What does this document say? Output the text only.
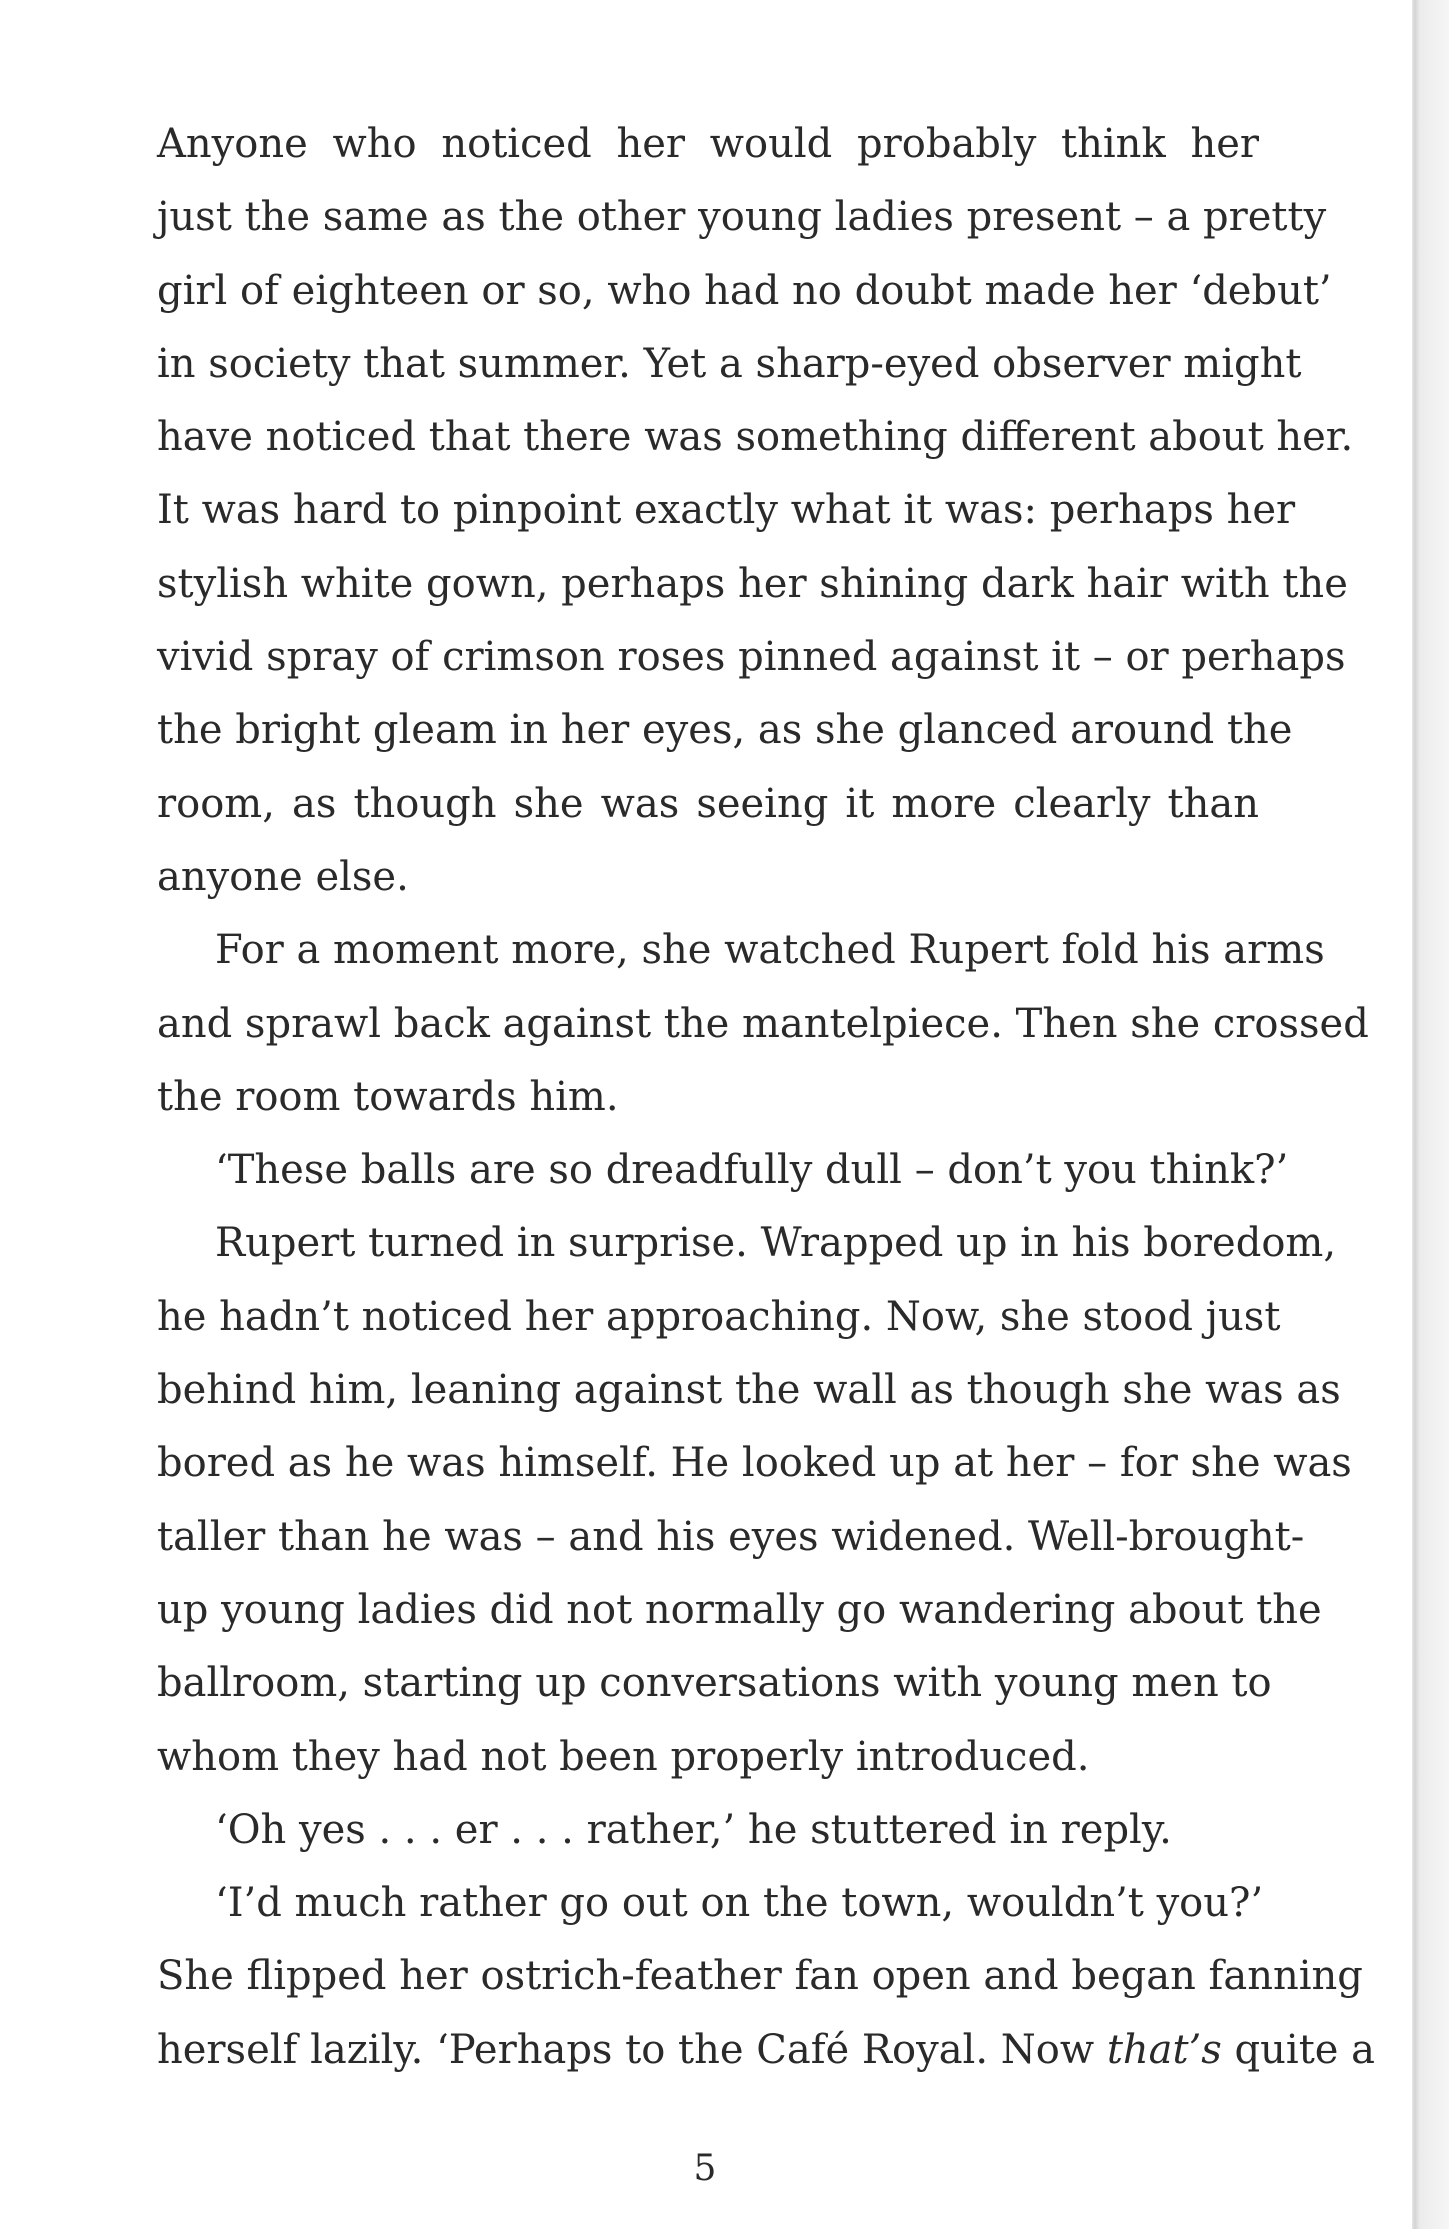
Anyone who noticed her would probably think her
just the same as the other young ladies present – a pretty
girl of eighteen or so, who had no doubt made her ‘debut’
in society that summer. Yet a sharp-eyed observer might
have noticed that there was something different about her.
It was hard to pinpoint exactly what it was: perhaps her
stylish white gown, perhaps her shining dark hair with the
vivid spray of crimson roses pinned against it – or perhaps
the bright gleam in her eyes, as she glanced around the
room, as though she was seeing it more clearly than
anyone else.
For a moment more, she watched Rupert fold his arms
and sprawl back against the mantelpiece. Then she crossed
the room towards him.
‘These balls are so dreadfully dull – don’t you think?’
Rupert turned in surprise. Wrapped up in his boredom,
he hadn’t noticed her approaching. Now, she stood just
behind him, leaning against the wall as though she was as
bored as he was himself. He looked up at her – for she was
taller than he was – and his eyes widened. Well-brought-
up young ladies did not normally go wandering about the
ballroom, starting up conversations with young men to
whom they had not been properly introduced.
‘Oh yes . . . er . . . rather,’ he stuttered in reply.
‘I’d much rather go out on the town, wouldn’t you?’
She flipped her ostrich-feather fan open and began fanning
herself lazily. ‘Perhaps to the Café Royal. Now that’s quite a
5
